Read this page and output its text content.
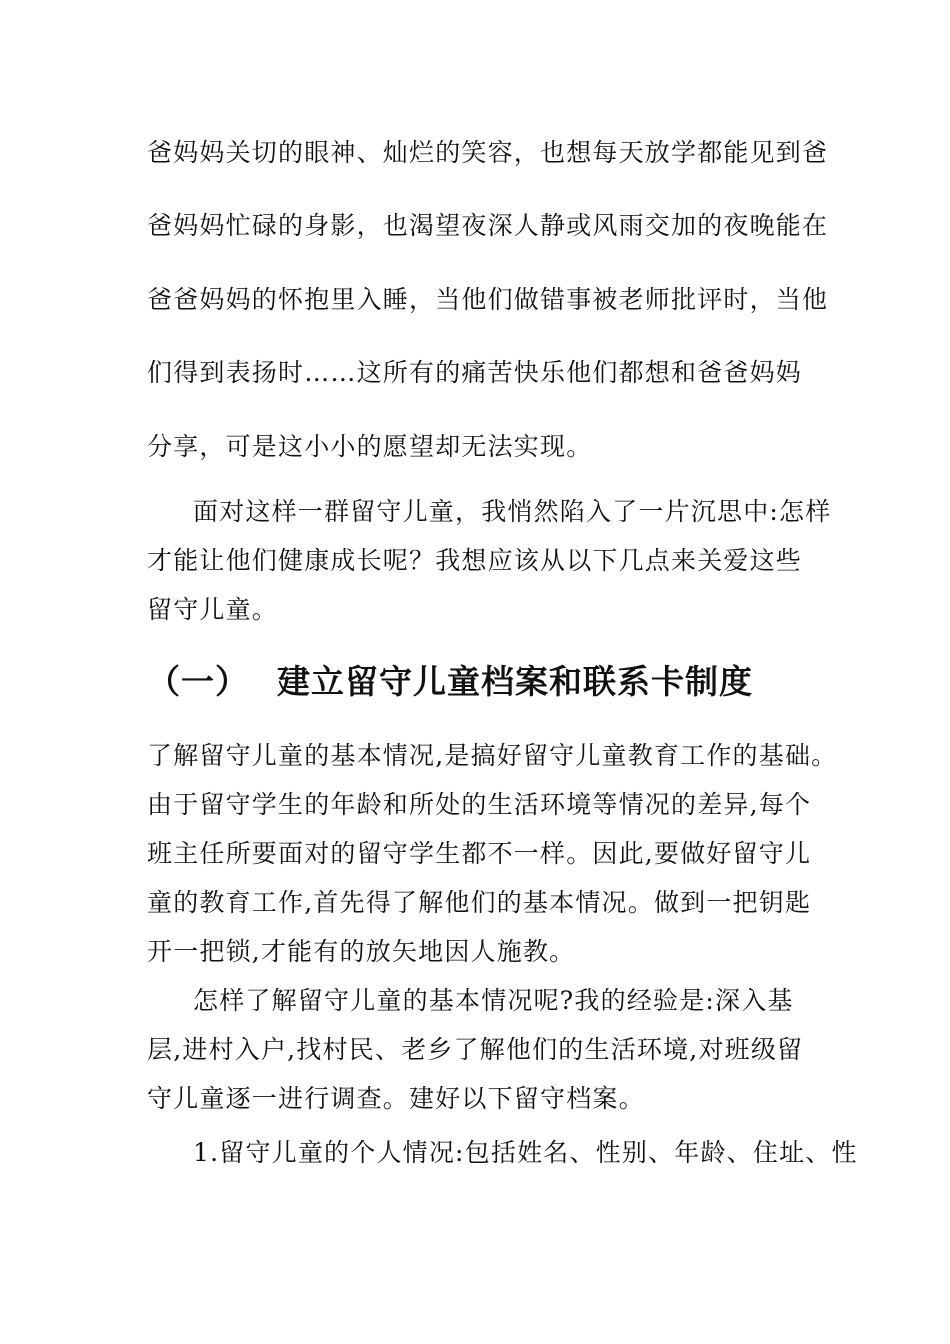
爸妈妈关切的眼神、灿烂的笑容，也想每天放学都能见到爸
爸妈妈忙碌的身影，也渴望夜深人静或风雨交加的夜晚能在
爸爸妈妈的怀抱里入睡，当他们做错事被老师批评时，当他
们得到表扬时……这所有的痛苦快乐他们都想和爸爸妈妈
分享，可是这小小的愿望却无法实现。
面对这样一群留守儿童，我悄然陷入了一片沉思中:怎样
才能让他们健康成长呢？我想应该从以下几点来关爱这些
留守儿童。
（一） 建立留守儿童档案和联系卡制度
了解留守儿童的基本情况,是搞好留守儿童教育工作的基础。
由于留守学生的年龄和所处的生活环境等情况的差异,每个
班主任所要面对的留守学生都不一样。因此,要做好留守儿
童的教育工作,首先得了解他们的基本情况。做到一把钥匙
开一把锁,才能有的放矢地因人施教。
怎样了解留守儿童的基本情况呢?我的经验是:深入基
层,进村入户,找村民、老乡了解他们的生活环境,对班级留
守儿童逐一进行调查。建好以下留守档案。
1.留守儿童的个人情况:包括姓名、性别、年龄、住址、性
